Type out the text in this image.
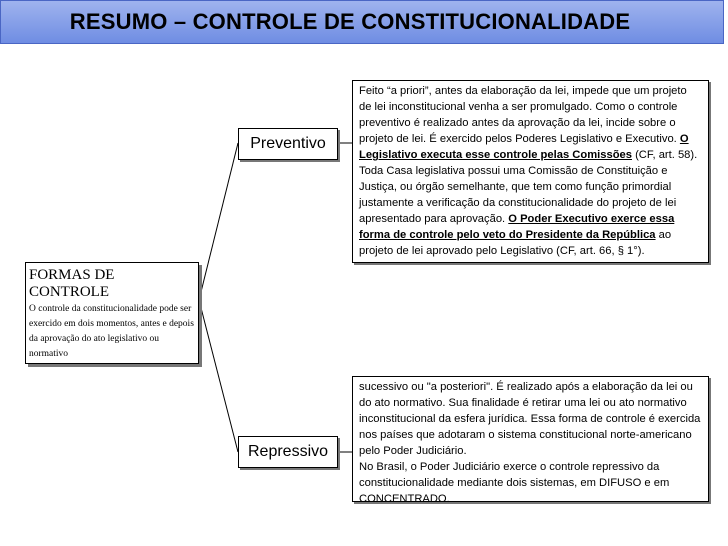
RESUMO – CONTROLE DE CONSTITUCIONALIDADE
FORMAS DE
CONTROLE
O controle da constitucionalidade pode ser exercido em dois momentos, antes e depois da aprovação do ato legislativo ou normativo
Preventivo
Feito “a priori”, antes da elaboração da lei, impede que um projeto de lei inconstitucional venha a ser promulgado. Como o controle preventivo é realizado antes da aprovação da lei, incide sobre o projeto de lei. É exercido pelos Poderes Legislativo e Executivo. O Legislativo executa esse controle pelas Comissões (CF, art. 58). Toda Casa legislativa possui uma Comissão de Constituição e Justiça, ou órgão semelhante, que tem como função primordial justamente a verificação da constitucionalidade do projeto de lei apresentado para aprovação. O Poder Executivo exerce essa forma de controle pelo veto do Presidente da República ao projeto de lei aprovado pelo Legislativo (CF, art. 66, § 1°).
Repressivo
sucessivo ou "a posteriori". É realizado após a elaboração da lei ou do ato normativo. Sua finalidade é retirar uma lei ou ato normativo inconstitucional da esfera jurídica. Essa forma de controle é exercida nos países que adotaram o sistema constitucional norte-americano pelo Poder Judiciário.
No Brasil, o Poder Judiciário exerce o controle repressivo da constitucionalidade mediante dois sistemas, em DIFUSO e em CONCENTRADO.
